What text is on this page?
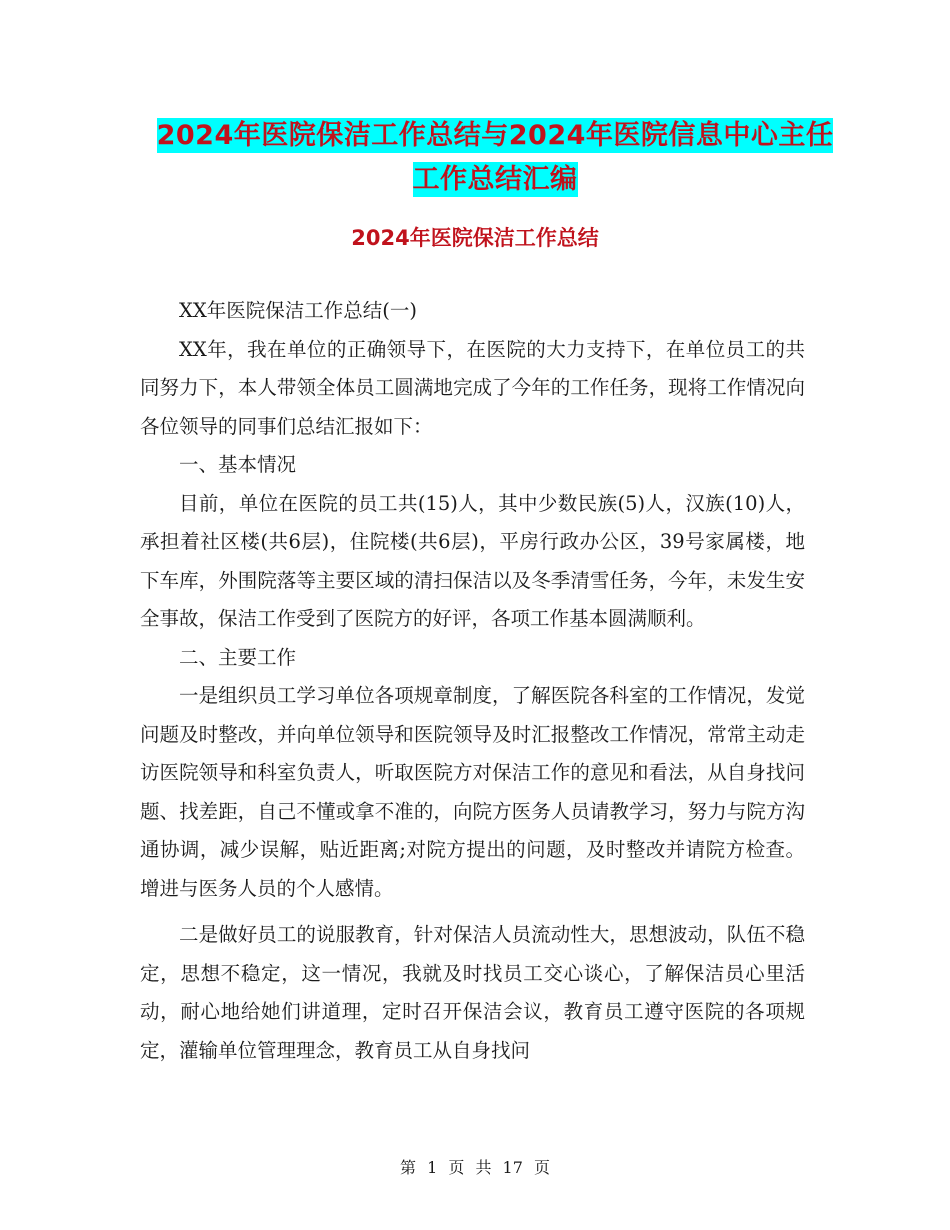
2024年医院保洁工作总结与2024年医院信息中心主任
工作总结汇编
2024年医院保洁工作总结

XX年医院保洁工作总结(一)

XX年，我在单位的正确领导下，在医院的大力支持下，在单位员工的共同努力下，本人带领全体员工圆满地完成了今年的工作任务，现将工作情况向各位领导的同事们总结汇报如下：

一、基本情况

目前，单位在医院的员工共(15)人，其中少数民族(5)人，汉族(10)人，承担着社区楼(共6层)，住院楼(共6层)，平房行政办公区，39号家属楼，地下车库，外围院落等主要区域的清扫保洁以及冬季清雪任务，今年，未发生安全事故，保洁工作受到了医院方的好评，各项工作基本圆满顺利。

二、主要工作

一是组织员工学习单位各项规章制度，了解医院各科室的工作情况，发觉问题及时整改，并向单位领导和医院领导及时汇报整改工作情况，常常主动走访医院领导和科室负责人，听取医院方对保洁工作的意见和看法，从自身找问题、找差距，自己不懂或拿不准的，向院方医务人员请教学习，努力与院方沟通协调，减少误解，贴近距离;对院方提出的问题，及时整改并请院方检查。增进与医务人员的个人感情。

二是做好员工的说服教育，针对保洁人员流动性大，思想波动，队伍不稳定，思想不稳定，这一情况，我就及时找员工交心谈心，了解保洁员心里活动，耐心地给她们讲道理，定时召开保洁会议，教育员工遵守医院的各项规定，灌输单位管理理念，教育员工从自身找问

第 1 页 共 17 页
